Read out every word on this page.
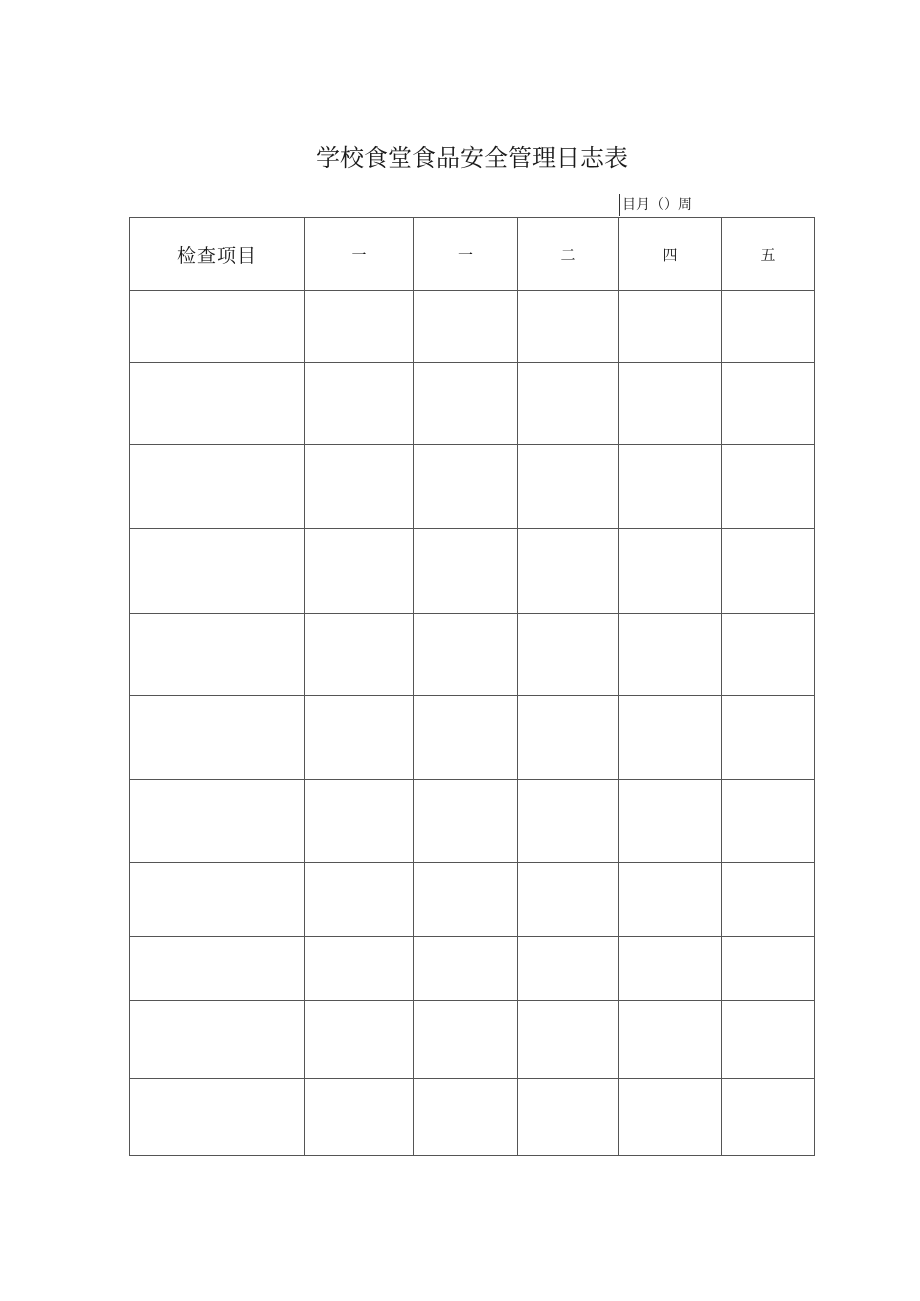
学校食堂食品安全管理日志表
目月（）周
检查项目	一	一	二	四	五
